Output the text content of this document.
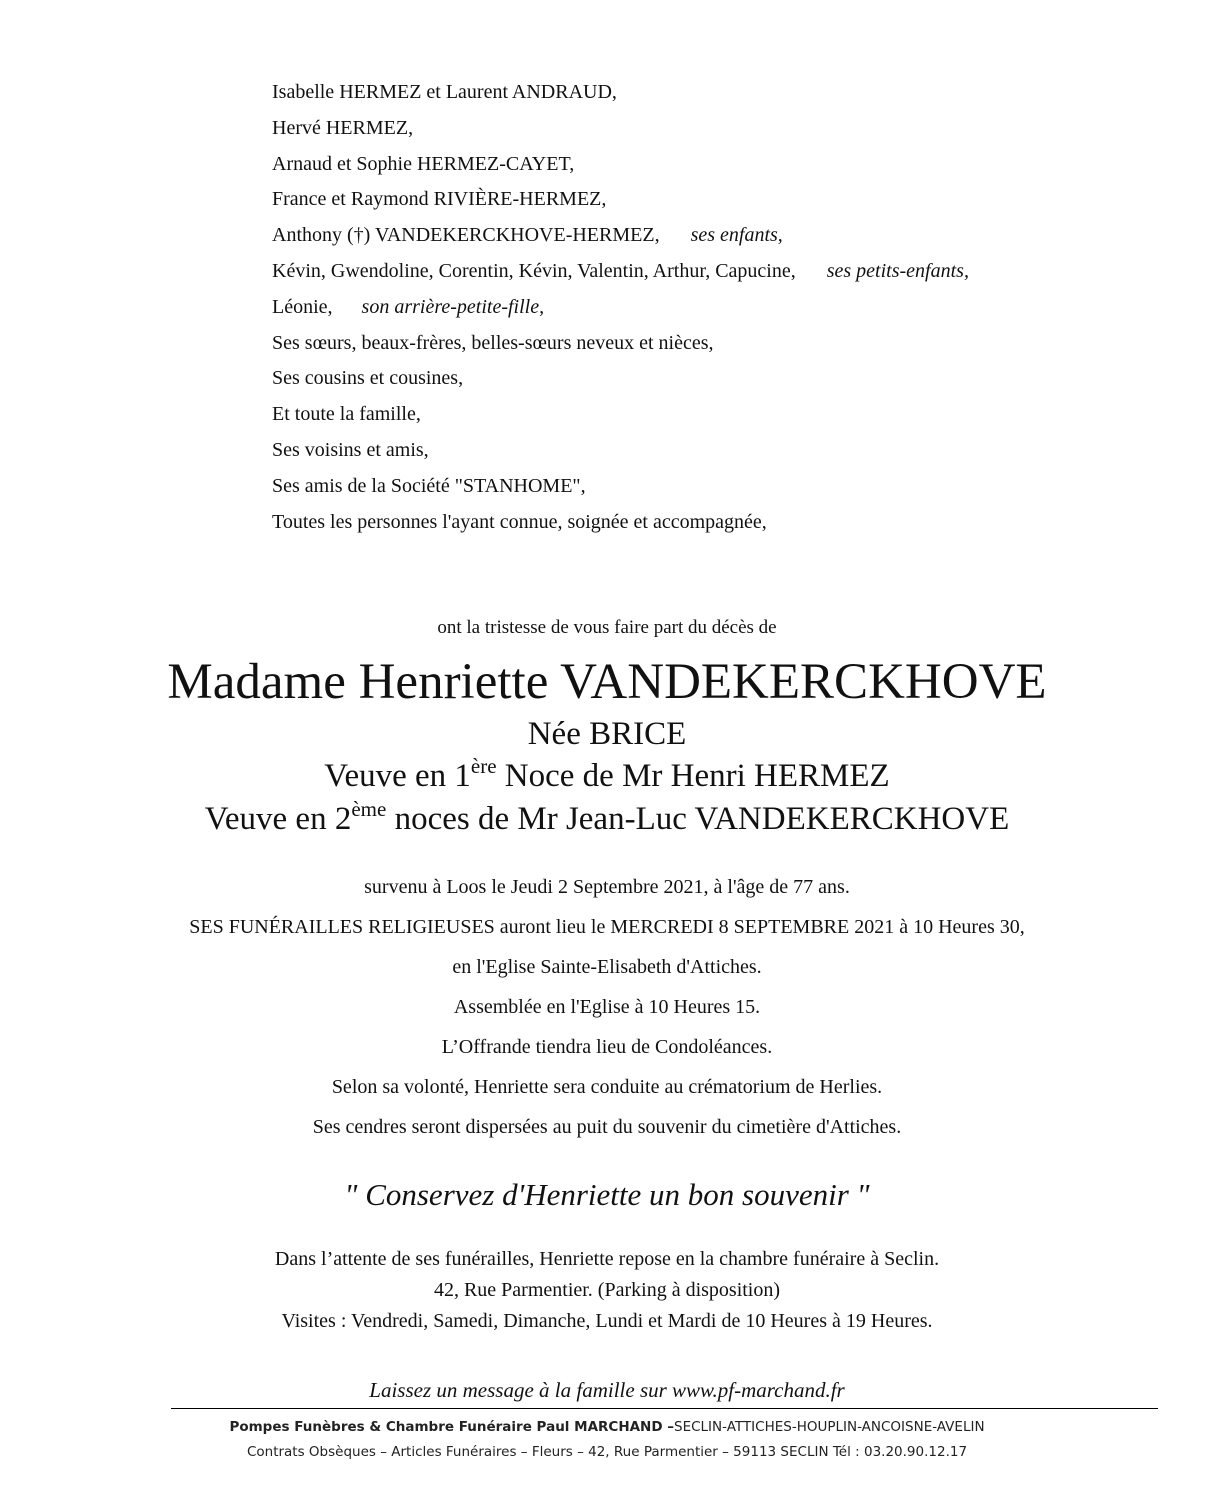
Isabelle HERMEZ et Laurent ANDRAUD,
Hervé HERMEZ,
Arnaud et Sophie HERMEZ-CAYET,
France et Raymond RIVIÈRE-HERMEZ,
Anthony (†) VANDEKERCKHOVE-HERMEZ, ses enfants,
Kévin, Gwendoline, Corentin, Kévin, Valentin, Arthur, Capucine, ses petits-enfants,
Léonie, son arrière-petite-fille,
Ses sœurs, beaux-frères, belles-sœurs neveux et nièces,
Ses cousins et cousines,
Et toute la famille,
Ses voisins et amis,
Ses amis de la Société "STANHOME",
Toutes les personnes l'ayant connue, soignée et accompagnée,
ont la tristesse de vous faire part du décès de
Madame Henriette VANDEKERCKHOVE
Née BRICE
Veuve en 1ère Noce de Mr Henri HERMEZ
Veuve en 2ème noces de Mr Jean-Luc VANDEKERCKHOVE
survenu à Loos le Jeudi 2 Septembre 2021, à l'âge de 77 ans.
SES FUNÉRAILLES RELIGIEUSES auront lieu le MERCREDI 8 SEPTEMBRE 2021 à 10 Heures 30,
en l'Eglise Sainte-Elisabeth d'Attiches.
Assemblée en l'Eglise à 10 Heures 15.
L’Offrande tiendra lieu de Condoléances.
Selon sa volonté, Henriette sera conduite au crématorium de Herlies.
Ses cendres seront dispersées au puit du souvenir du cimetière d'Attiches.
" Conservez d'Henriette un bon souvenir "
Dans l’attente de ses funérailles, Henriette repose en la chambre funéraire à Seclin.
42, Rue Parmentier. (Parking à disposition)
Visites : Vendredi, Samedi, Dimanche, Lundi et Mardi de 10 Heures à 19 Heures.
Laissez un message à la famille sur www.pf-marchand.fr
Pompes Funèbres & Chambre Funéraire Paul MARCHAND –SECLIN-ATTICHES-HOUPLIN-ANCOISNE-AVELIN
Contrats Obsèques – Articles Funéraires – Fleurs – 42, Rue Parmentier – 59113 SECLIN Tél : 03.20.90.12.17
